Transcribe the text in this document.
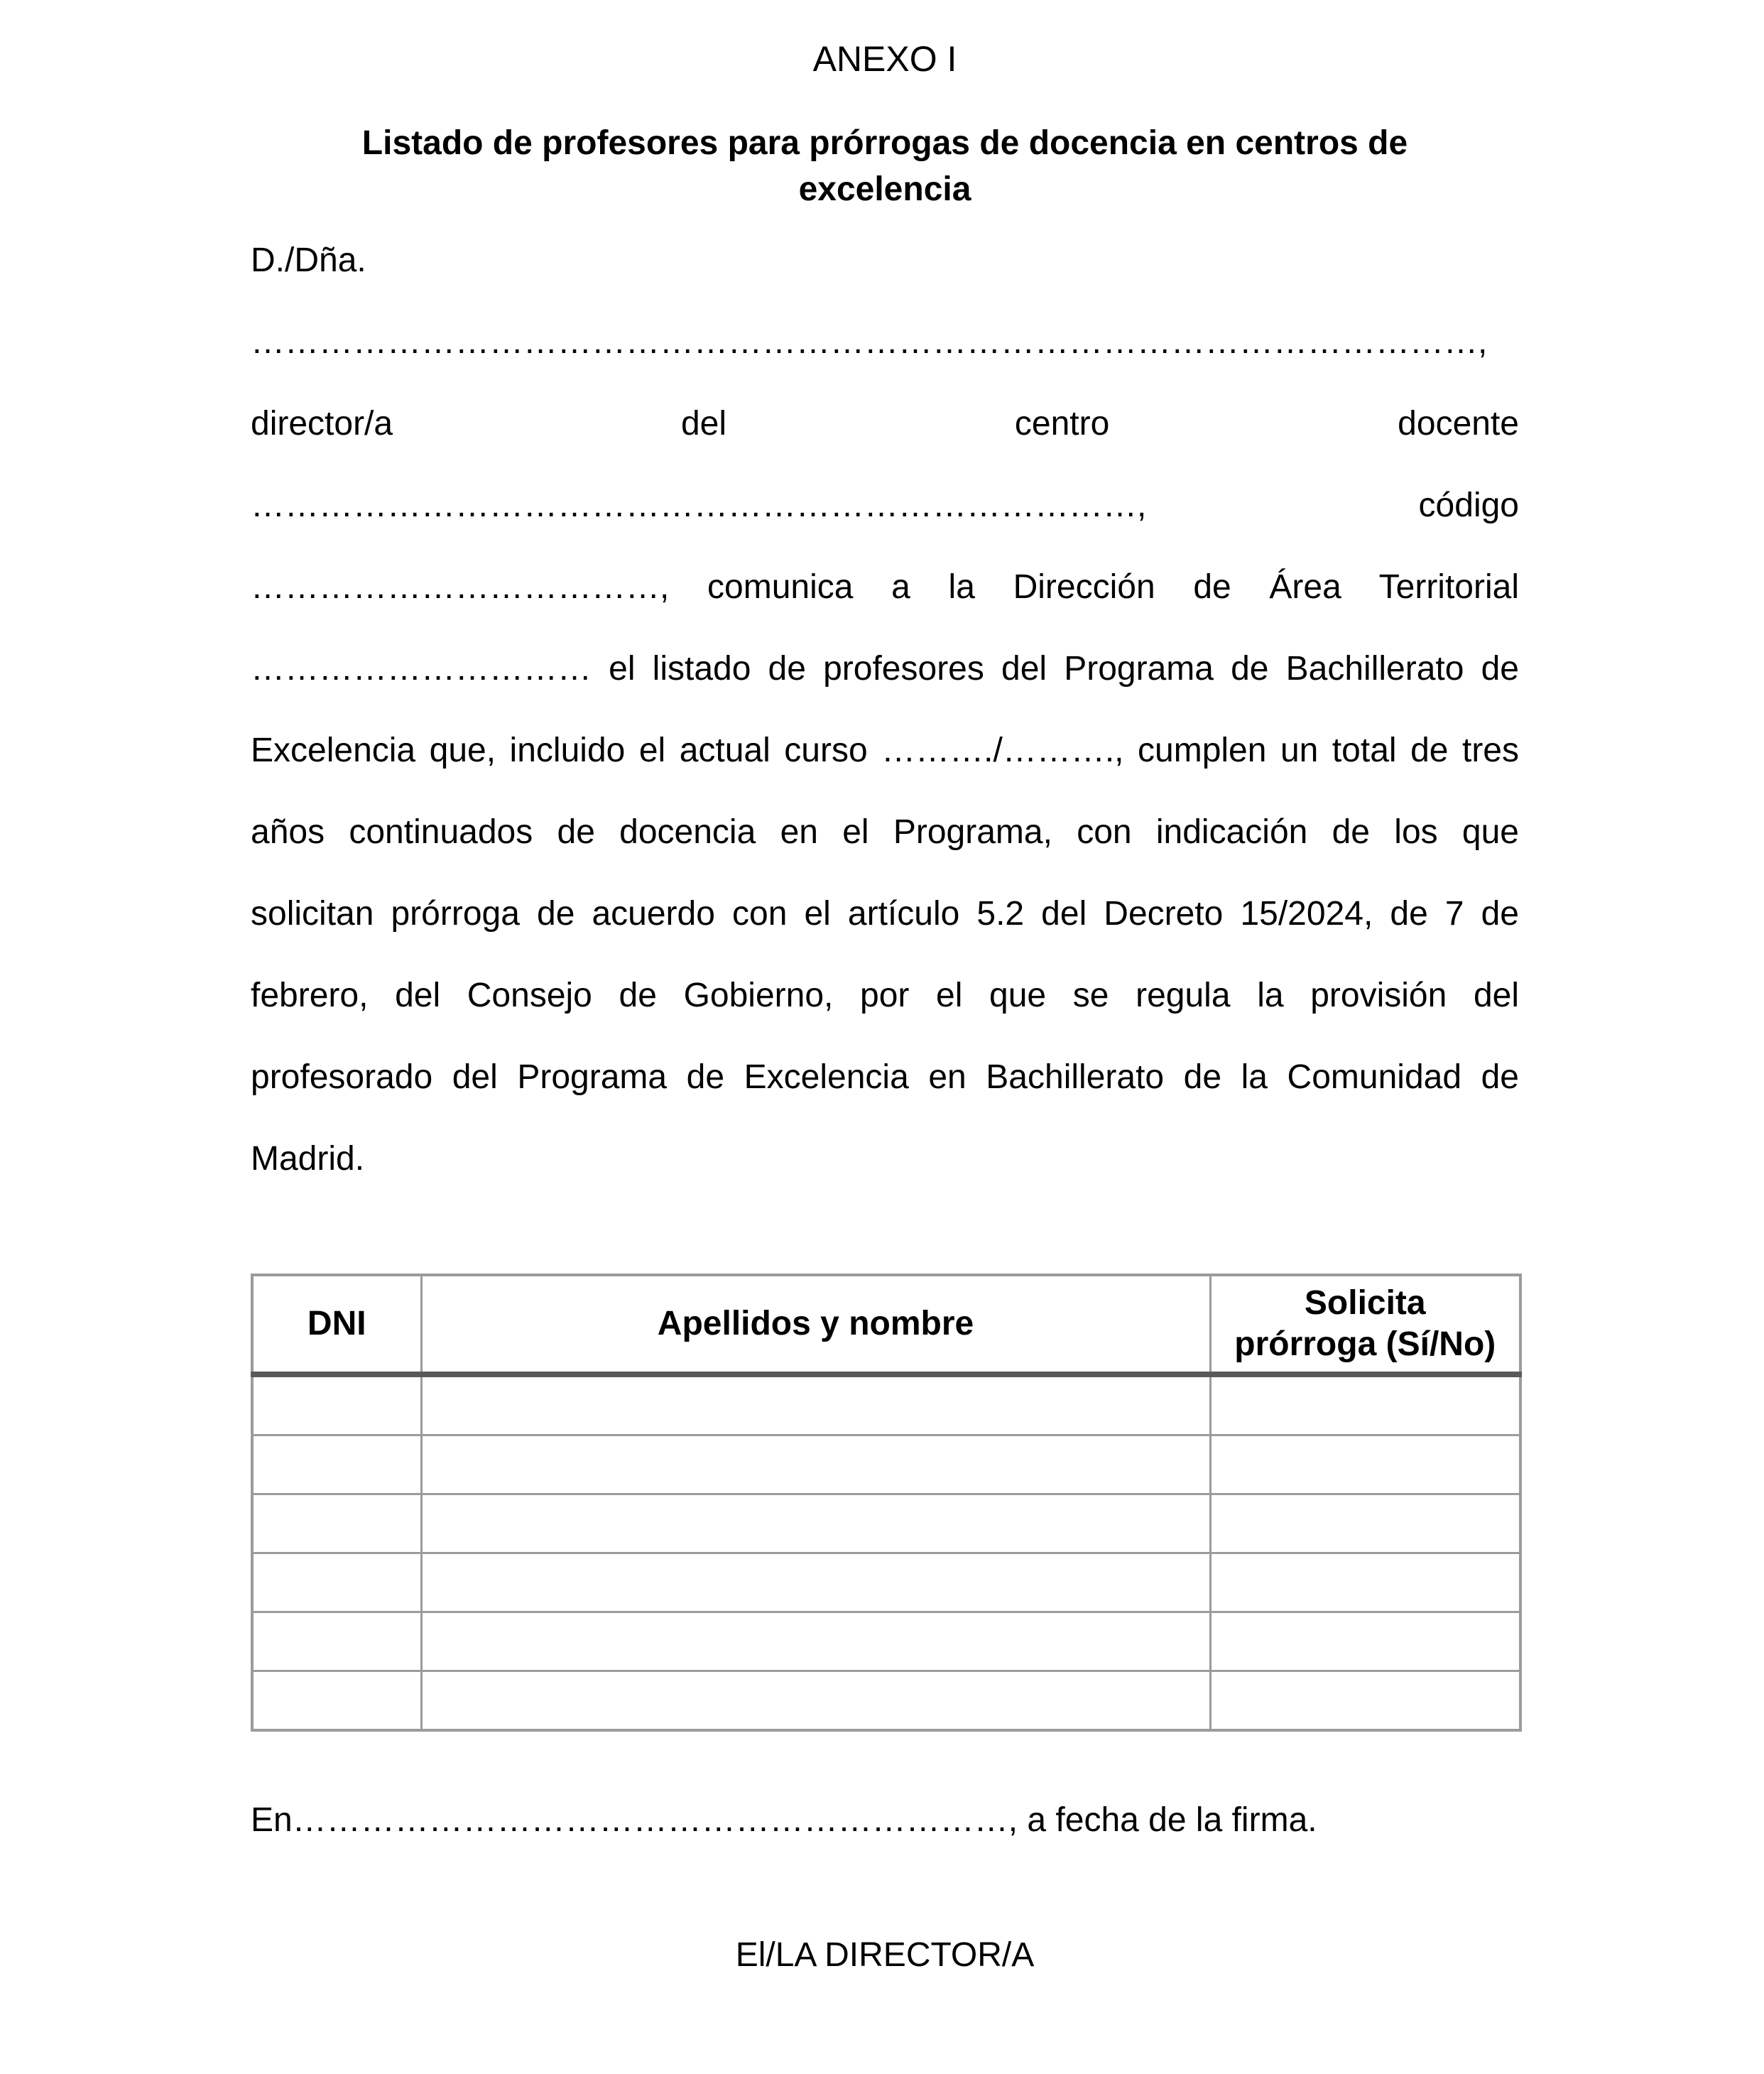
ANEXO I
Listado de profesores para prórrogas de docencia en centros de
excelencia
D./Dña.
………………………………………………………………………………………………,
director/a del centro docente
……………………………………………………………………, código
………………………………, comunica a la Dirección de Área Territorial
………………………… el listado de profesores del Programa de Bachillerato de
Excelencia que, incluido el actual curso ………./………., cumplen un total de tres
años continuados de docencia en el Programa, con indicación de los que
solicitan prórroga de acuerdo con el artículo 5.2 del Decreto 15/2024, de 7 de
febrero, del Consejo de Gobierno, por el que se regula la provisión del
profesorado del Programa de Excelencia en Bachillerato de la Comunidad de
Madrid.
DNI	Apellidos y nombre	Solicita
prórroga (Sí/No)

En………………………………………………………, a fecha de la firma.
El/LA DIRECTOR/A
